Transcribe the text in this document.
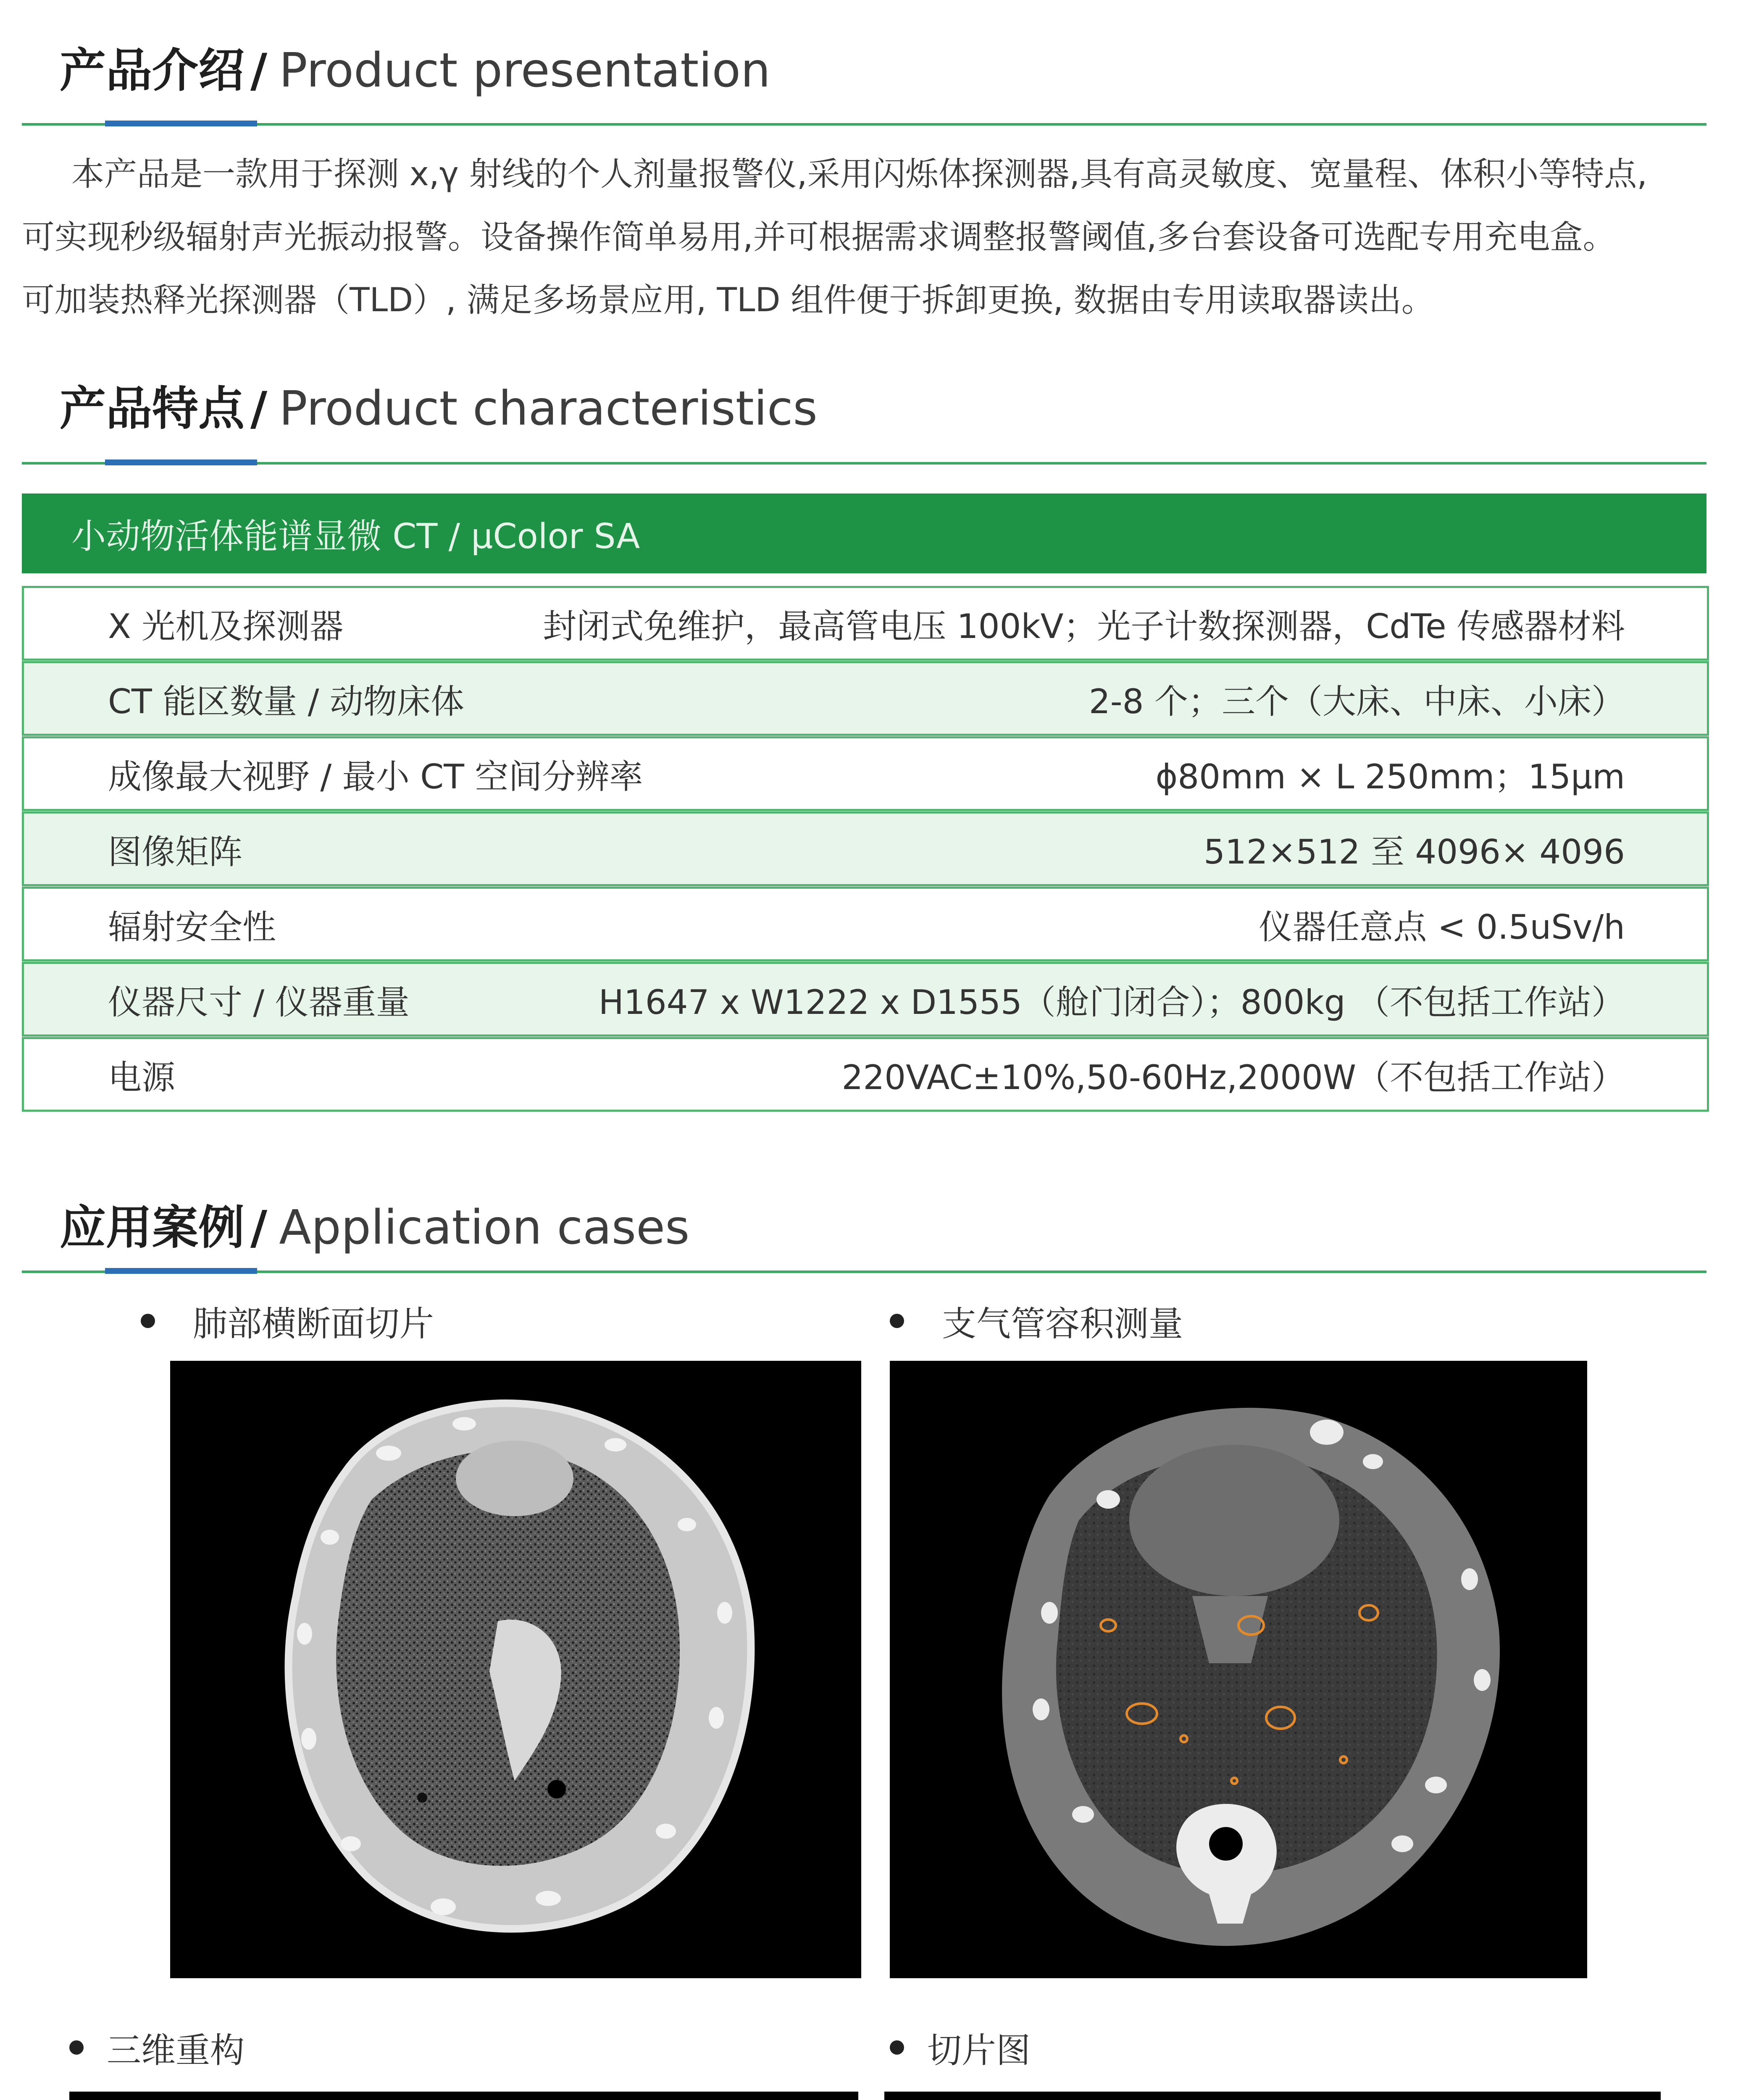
产品介绍 / Product presentation

本产品是一款用于探测 x,γ 射线的个人剂量报警仪,采用闪烁体探测器,具有高灵敏度、宽量程、体积小等特点,

可实现秒级辐射声光振动报警。设备操作简单易用,并可根据需求调整报警阈值,多台套设备可选配专用充电盒。

可加装热释光探测器（TLD）, 满足多场景应用, TLD 组件便于拆卸更换, 数据由专用读取器读出。

产品特点 / Product characteristics
小动物活体能谱显微 CT / μColor SA
X 光机及探测器	封闭式免维护，最高管电压 100kV；光子计数探测器，CdTe 传感器材料
CT 能区数量 / 动物床体	2-8 个；三个（大床、中床、小床）
成像最大视野 / 最小 CT 空间分辨率	ϕ80mm × L 250mm；15μm
图像矩阵	512×512 至 4096× 4096
辐射安全性	仪器任意点 < 0.5uSv/h
仪器尺寸 / 仪器重量	H1647 x W1222 x D1555（舱门闭合）；800kg （不包括工作站）
电源	220VAC±10%,50-60Hz,2000W（不包括工作站）
应用案例 / Application cases
肺部横断面切片	支气管容积测量
三维重构	切片图
